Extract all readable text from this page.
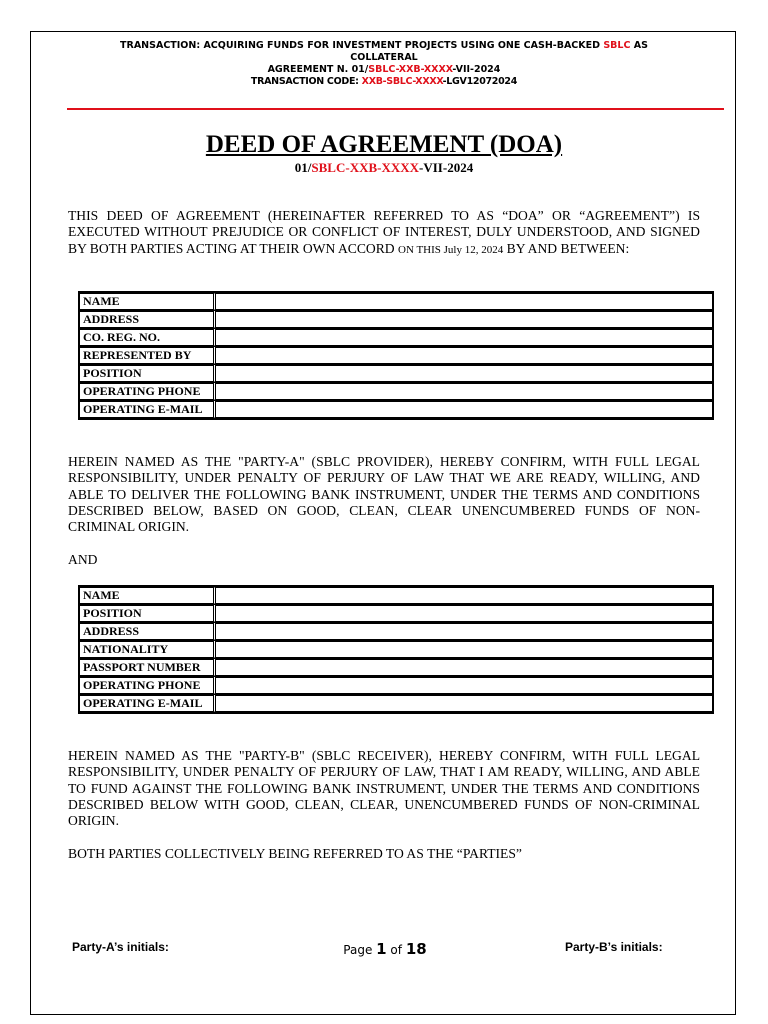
TRANSACTION: ACQUIRING FUNDS FOR INVESTMENT PROJECTS USING ONE CASH-BACKED SBLC AS
COLLATERAL
AGREEMENT N. 01/SBLC-XXB-XXXX-VII-2024
TRANSACTION CODE: XXB-SBLC-XXXX-LGV12072024
DEED OF AGREEMENT (DOA)
01/SBLC-XXB-XXXX-VII-2024
THIS DEED OF AGREEMENT (HEREINAFTER REFERRED TO AS “DOA” OR “AGREEMENT”) IS EXECUTED WITHOUT PREJUDICE OR CONFLICT OF INTEREST, DULY UNDERSTOOD, AND SIGNED BY BOTH PARTIES ACTING AT THEIR OWN ACCORD ON THIS July 12, 2024 BY AND BETWEEN:
NAME	
ADDRESS	
CO. REG. NO.	
REPRESENTED BY	
POSITION	
OPERATING PHONE	
OPERATING E-MAIL	
HEREIN NAMED AS THE "PARTY-A" (SBLC PROVIDER), HEREBY CONFIRM, WITH FULL LEGAL RESPONSIBILITY, UNDER PENALTY OF PERJURY OF LAW THAT WE ARE READY, WILLING, AND ABLE TO DELIVER THE FOLLOWING BANK INSTRUMENT, UNDER THE TERMS AND CONDITIONS DESCRIBED BELOW, BASED ON GOOD, CLEAN, CLEAR UNENCUMBERED FUNDS OF NON-CRIMINAL ORIGIN.
AND
NAME	
POSITION	
ADDRESS	
NATIONALITY	
PASSPORT NUMBER	
OPERATING PHONE	
OPERATING E-MAIL	
HEREIN NAMED AS THE "PARTY-B" (SBLC RECEIVER), HEREBY CONFIRM, WITH FULL LEGAL RESPONSIBILITY, UNDER PENALTY OF PERJURY OF LAW, THAT I AM READY, WILLING, AND ABLE TO FUND AGAINST THE FOLLOWING BANK INSTRUMENT, UNDER THE TERMS AND CONDITIONS DESCRIBED BELOW WITH GOOD, CLEAN, CLEAR, UNENCUMBERED FUNDS OF NON-CRIMINAL ORIGIN.
BOTH PARTIES COLLECTIVELY BEING REFERRED TO AS THE “PARTIES”
Party-A’s initials:	Page 1 of 18	Party-B’s initials:
